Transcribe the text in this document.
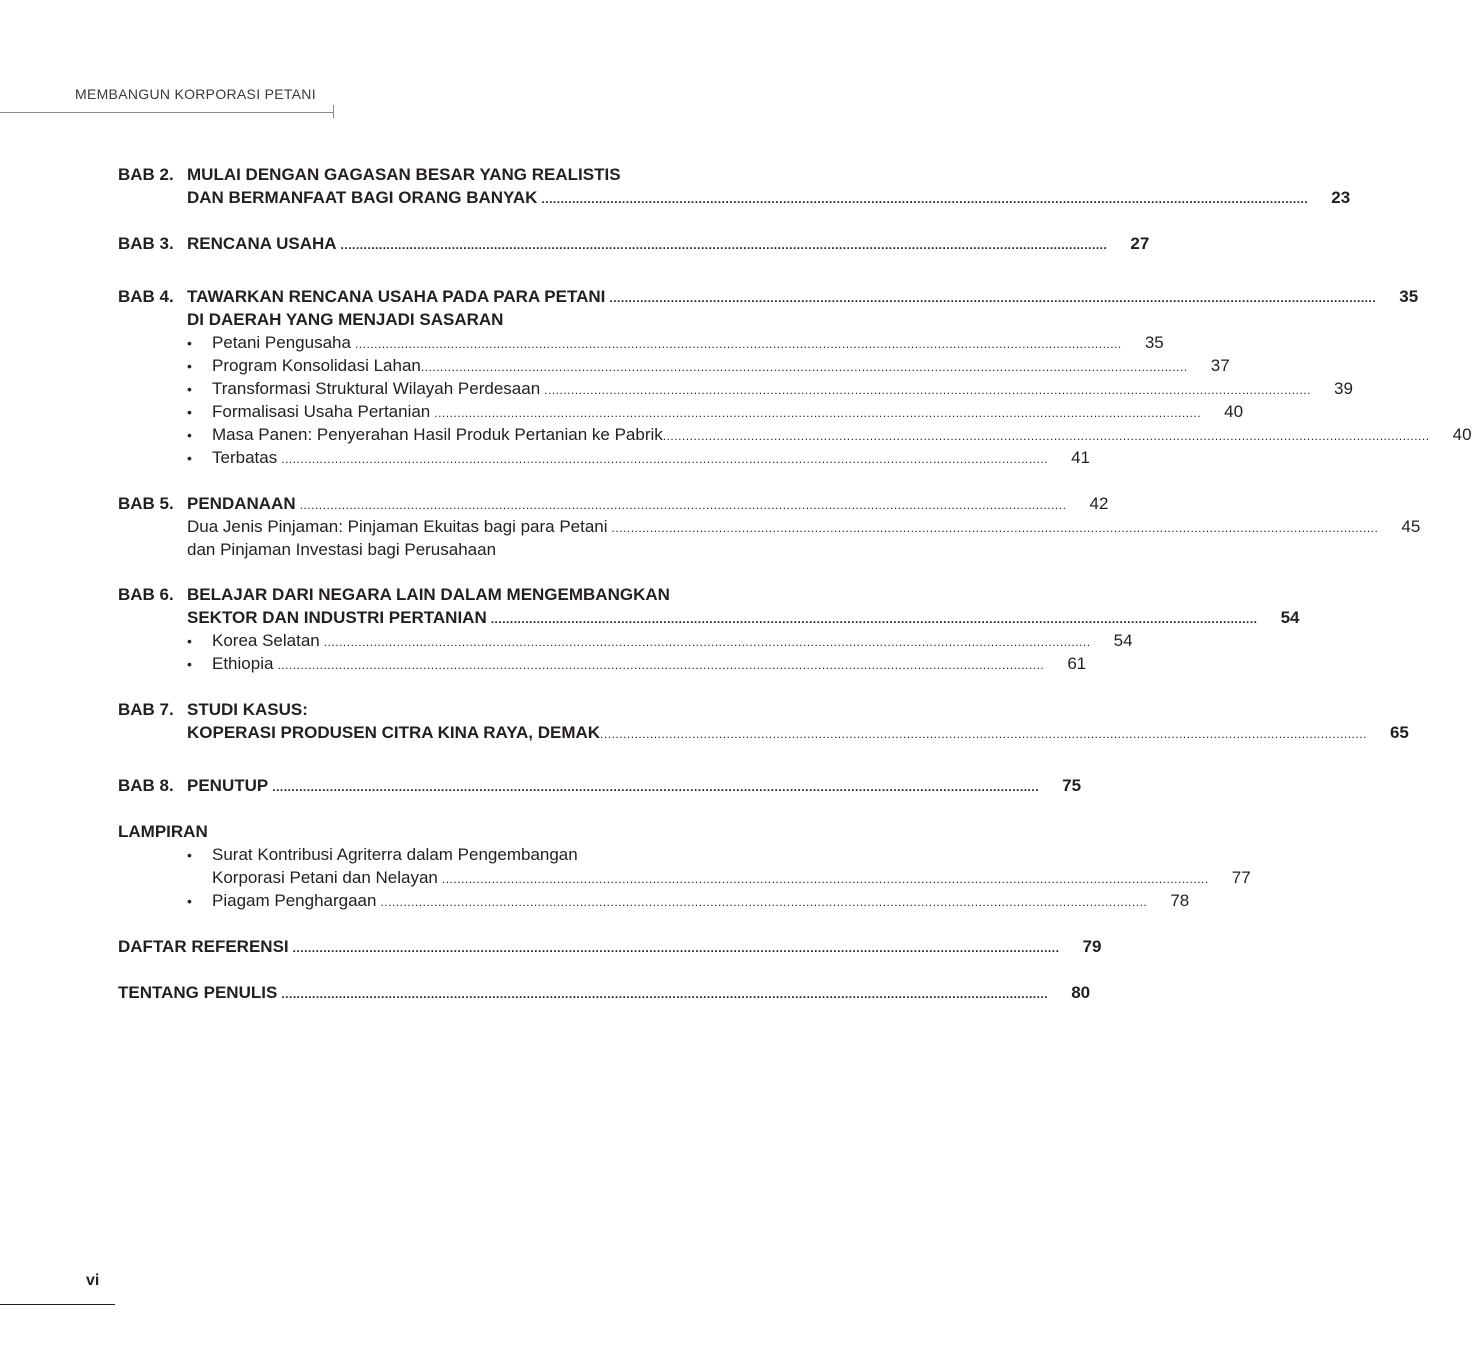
MEMBANGUN KORPORASI PETANI
BAB 2. MULAI DENGAN GAGASAN BESAR YANG REALISTIS
DAN BERMANFAAT BAGI ORANG BANYAK ........................................................................................................................................................................................................	23
BAB 3. RENCANA USAHA ........................................................................................................................................................................................................	27
BAB 4. TAWARKAN RENCANA USAHA PADA PARA PETANI ........................................................................................................................................................................................................	35
DI DAERAH YANG MENJADI SASARAN
•	Petani Pengusaha ........................................................................................................................................................................................................	35
•	Program Konsolidasi Lahan ........................................................................................................................................................................................................	37
•	Transformasi Struktural Wilayah Perdesaan ........................................................................................................................................................................................................	39
•	Formalisasi Usaha Pertanian ........................................................................................................................................................................................................	40
•	Masa Panen: Penyerahan Hasil Produk Pertanian ke Pabrik ........................................................................................................................................................................................................	40
•	Terbatas ........................................................................................................................................................................................................	41
BAB 5. PENDANAAN ........................................................................................................................................................................................................	42
Dua Jenis Pinjaman: Pinjaman Ekuitas bagi para Petani ........................................................................................................................................................................................................	45
dan Pinjaman Investasi bagi Perusahaan
BAB 6. BELAJAR DARI NEGARA LAIN DALAM MENGEMBANGKAN
SEKTOR DAN INDUSTRI PERTANIAN ........................................................................................................................................................................................................	54
•	Korea Selatan ........................................................................................................................................................................................................	54
•	Ethiopia ........................................................................................................................................................................................................	61
BAB 7. STUDI KASUS:
KOPERASI PRODUSEN CITRA KINA RAYA, DEMAK ........................................................................................................................................................................................................	65
BAB 8. PENUTUP ........................................................................................................................................................................................................	75
LAMPIRAN
•	Surat Kontribusi Agriterra dalam Pengembangan
Korporasi Petani dan Nelayan ........................................................................................................................................................................................................	77
•	Piagam Penghargaan ........................................................................................................................................................................................................	78
DAFTAR REFERENSI ........................................................................................................................................................................................................	79
TENTANG PENULIS ........................................................................................................................................................................................................	80
vi
